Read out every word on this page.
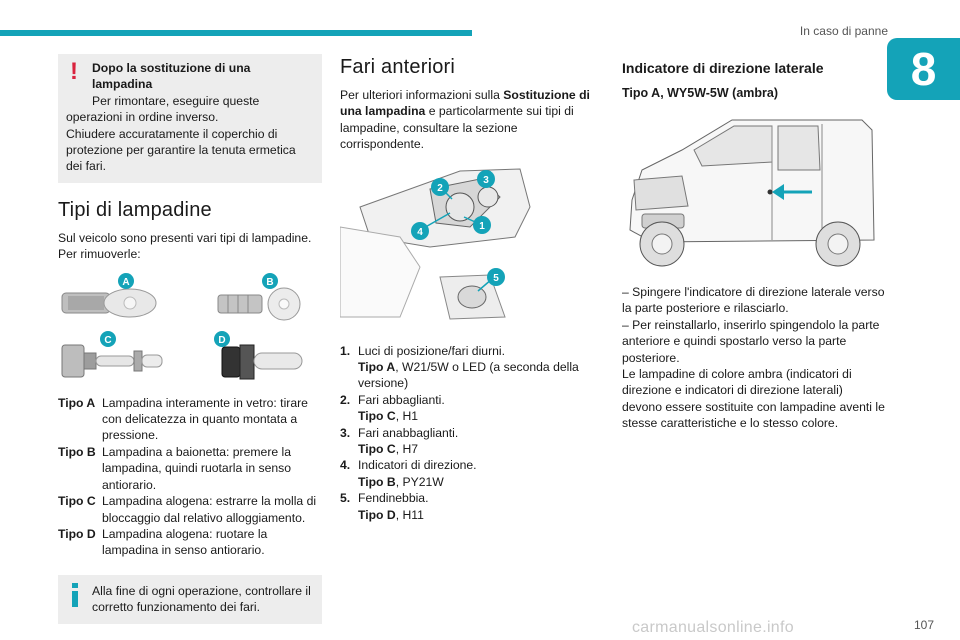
In caso di panne
8
!	Dopo la sostituzione di una lampadina
Per rimontare, eseguire queste
operazioni in ordine inverso.
Chiudere accuratamente il coperchio di protezione per garantire la tenuta ermetica dei fari.
Tipi di lampadine

Sul veicolo sono presenti vari tipi di lampadine. Per rimuoverle:

A	B
C	D
Tipo A Lampadina interamente in vetro: tirare con delicatezza in quanto montata a pressione.
Tipo B Lampadina a baionetta: premere la lampadina, quindi ruotarla in senso antiorario.
Tipo C Lampadina alogena: estrarre la molla di bloccaggio dal relativo alloggiamento.
Tipo D Lampadina alogena: ruotare la lampadina in senso antiorario.
Alla fine di ogni operazione, controllare il corretto funzionamento dei fari.
Fari anteriori

Per ulteriori informazioni sulla Sostituzione di una lampadina e particolarmente sui tipi di lampadine, consultare la sezione corrispondente.

1
2
3
4
5
1. Luci di posizione/fari diurni.
Tipo A, W21/5W o LED (a seconda della versione)
2. Fari abbaglianti.
Tipo C, H1
3. Fari anabbaglianti.
Tipo C, H7
4. Indicatori di direzione.
Tipo B, PY21W
5. Fendinebbia.
Tipo D, H11
Indicatore di direzione laterale
Tipo A, WY5W-5W (ambra)

– Spingere l'indicatore di direzione laterale verso la parte posteriore e rilasciarlo.

– Per reinstallarlo, inserirlo spingendolo la parte anteriore e quindi spostarlo verso la parte posteriore.

Le lampadine di colore ambra (indicatori di direzione e indicatori di direzione laterali) devono essere sostituite con lampadine aventi le stesse caratteristiche e lo stesso colore.

carmanualsonline.info	107
